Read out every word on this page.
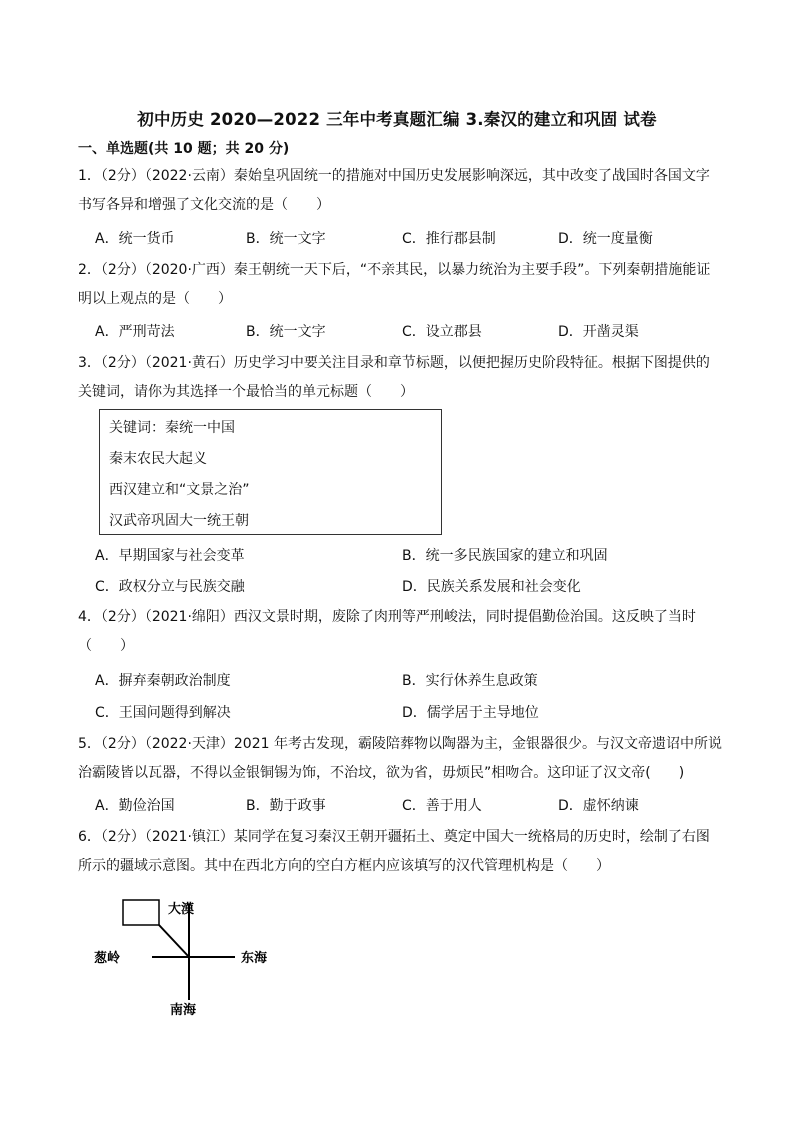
初中历史 2020—2022 三年中考真题汇编 3.秦汉的建立和巩固 试卷
一、单选题(共 10 题；共 20 分)
1．（2分）（2022·云南）秦始皇巩固统一的措施对中国历史发展影响深远，其中改变了战国时各国文字书写各异和增强了文化交流的是（　　）
A．统一货币	B．统一文字	C．推行郡县制	D．统一度量衡
2．（2分）（2020·广西）秦王朝统一天下后，“不亲其民，以暴力统治为主要手段”。下列秦朝措施能证明以上观点的是（　　）
A．严刑苛法	B．统一文字	C．设立郡县	D．开凿灵渠
3．（2分）（2021·黄石）历史学习中要关注目录和章节标题，以便把握历史阶段特征。根据下图提供的关键词，请你为其选择一个最恰当的单元标题（　　）
关键词：秦统一中国
秦末农民大起义
西汉建立和“文景之治”
汉武帝巩固大一统王朝
A．早期国家与社会变革	B．统一多民族国家的建立和巩固
C．政权分立与民族交融	D．民族关系发展和社会变化
4．（2分）（2021·绵阳）西汉文景时期，废除了肉刑等严刑峻法，同时提倡勤俭治国。这反映了当时（　　）
A．摒弃秦朝政治制度	B．实行休养生息政策
C．王国问题得到解决	D．儒学居于主导地位
5．（2分）（2022·天津）2021 年考古发现，霸陵陪葬物以陶器为主，金银器很少。与汉文帝遗诏中所说治霸陵皆以瓦器，不得以金银铜锡为饰，不治坟，欲为省，毋烦民”相吻合。这印证了汉文帝(　　)
A．勤俭治国	B．勤于政事	C．善于用人	D．虚怀纳谏
6．（2分）（2021·镇江）某同学在复习秦汉王朝开疆拓土、奠定中国大一统格局的历史时，绘制了右图所示的疆域示意图。其中在西北方向的空白方框内应该填写的汉代管理机构是（　　）
大漠
葱岭	东海
南海
